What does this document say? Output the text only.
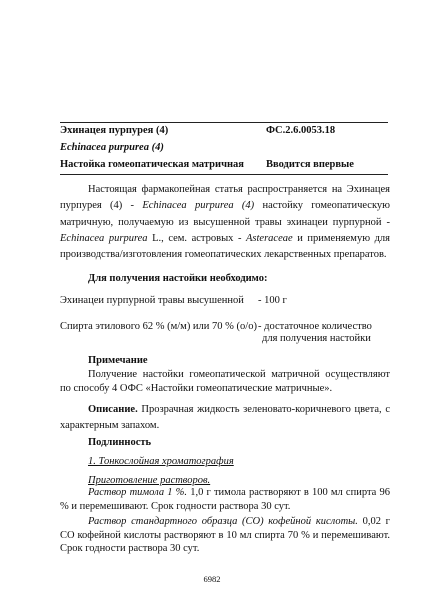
Эхинацея пурпурея (4)	ФС.2.6.0053.18
Echinacea purpurea (4)
Настойка гомеопатическая матричная Вводится впервые
Настоящая фармакопейная статья распространяется на Эхинацея пурпурея (4) - Echinacea purpurea (4) настойку гомеопатическую матричную, получаемую из высушенной травы эхинацеи пурпурной - Echinacea purpurea L., сем. астровых - Asteraceae и применяемую для производства/изготовления гомеопатических лекарственных препаратов.
Для получения настойки необходимо:
Эхинацеи пурпурной травы высушенной - 100 г
Спирта этилового 62 % (м/м) или 70 % (о/о) - достаточное количество
для получения настойки
Примечание
Получение настойки гомеопатической матричной осуществляют по способу 4 ОФС «Настойки гомеопатические матричные».
Описание. Прозрачная жидкость зеленовато-коричневого цвета, с характерным запахом.
Подлинность
1. Тонкослойная хроматография
Приготовление растворов.
Раствор тимола 1 %. 1,0 г тимола растворяют в 100 мл спирта 96 % и перемешивают. Срок годности раствора 30 сут.
Раствор стандартного образца (СО) кофейной кислоты. 0,02 г СО кофейной кислоты растворяют в 10 мл спирта 70 % и перемешивают. Срок годности раствора 30 сут.
6982
